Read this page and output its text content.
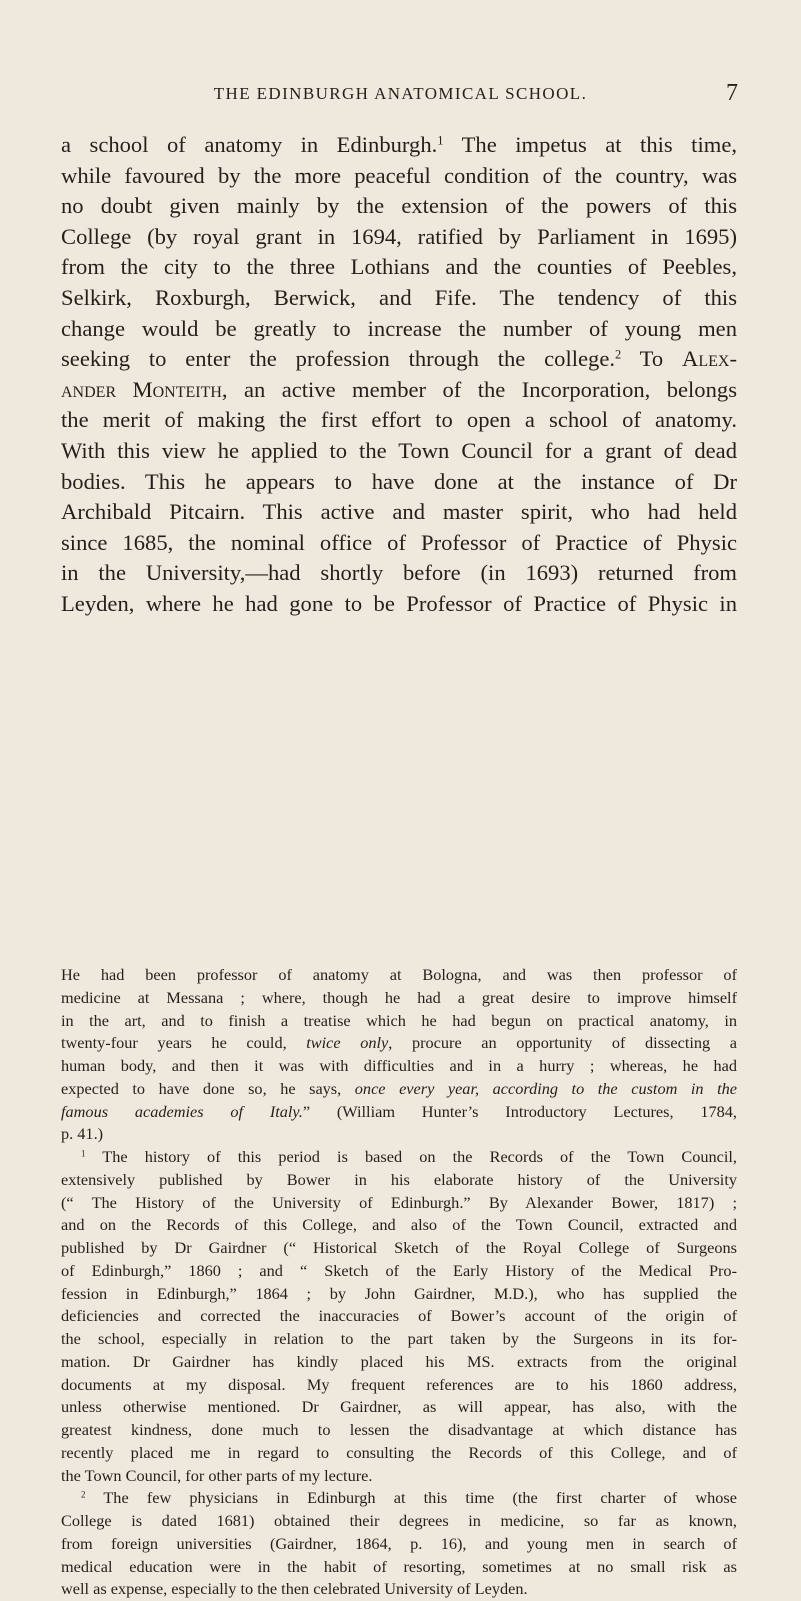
THE EDINBURGH ANATOMICAL SCHOOL.	7
a school of anatomy in Edinburgh.$^1$ The impetus at this time,
while favoured by the more peaceful condition of the country, was
no doubt given mainly by the extension of the powers of this
College (by royal grant in 1694, ratified by Parliament in 1695)
from the city to the three Lothians and the counties of Peebles,
Selkirk, Roxburgh, Berwick, and Fife. The tendency of this
change would be greatly to increase the number of young men
seeking to enter the profession through the college.$^2$ To Alex-
ander Monteith, an active member of the Incorporation, belongs
the merit of making the first effort to open a school of anatomy.
With this view he applied to the Town Council for a grant of dead
bodies. This he appears to have done at the instance of Dr
Archibald Pitcairn. This active and master spirit, who had held
since 1685, the nominal office of Professor of Practice of Physic
in the University,—had shortly before (in 1693) returned from
Leyden, where he had gone to be Professor of Practice of Physic in
He had been professor of anatomy at Bologna, and was then professor of
medicine at Messana ; where, though he had a great desire to improve himself
in the art, and to finish a treatise which he had begun on practical anatomy, in
twenty-four years he could, twice only, procure an opportunity of dissecting a
human body, and then it was with difficulties and in a hurry ; whereas, he had
expected to have done so, he says, once every year, according to the custom in the
famous academies of Italy.” (William Hunter’s Introductory Lectures, 1784,
p. 41.)
$^1$ The history of this period is based on the Records of the Town Council,
extensively published by Bower in his elaborate history of the University
(“ The History of the University of Edinburgh.” By Alexander Bower, 1817) ;
and on the Records of this College, and also of the Town Council, extracted and
published by Dr Gairdner (“ Historical Sketch of the Royal College of Surgeons
of Edinburgh,” 1860 ; and “ Sketch of the Early History of the Medical Pro-
fession in Edinburgh,” 1864 ; by John Gairdner, M.D.), who has supplied the
deficiencies and corrected the inaccuracies of Bower’s account of the origin of
the school, especially in relation to the part taken by the Surgeons in its for-
mation. Dr Gairdner has kindly placed his MS. extracts from the original
documents at my disposal. My frequent references are to his 1860 address,
unless otherwise mentioned. Dr Gairdner, as will appear, has also, with the
greatest kindness, done much to lessen the disadvantage at which distance has
recently placed me in regard to consulting the Records of this College, and of
the Town Council, for other parts of my lecture.
$^2$ The few physicians in Edinburgh at this time (the first charter of whose
College is dated 1681) obtained their degrees in medicine, so far as known,
from foreign universities (Gairdner, 1864, p. 16), and young men in search of
medical education were in the habit of resorting, sometimes at no small risk as
well as expense, especially to the then celebrated University of Leyden.
